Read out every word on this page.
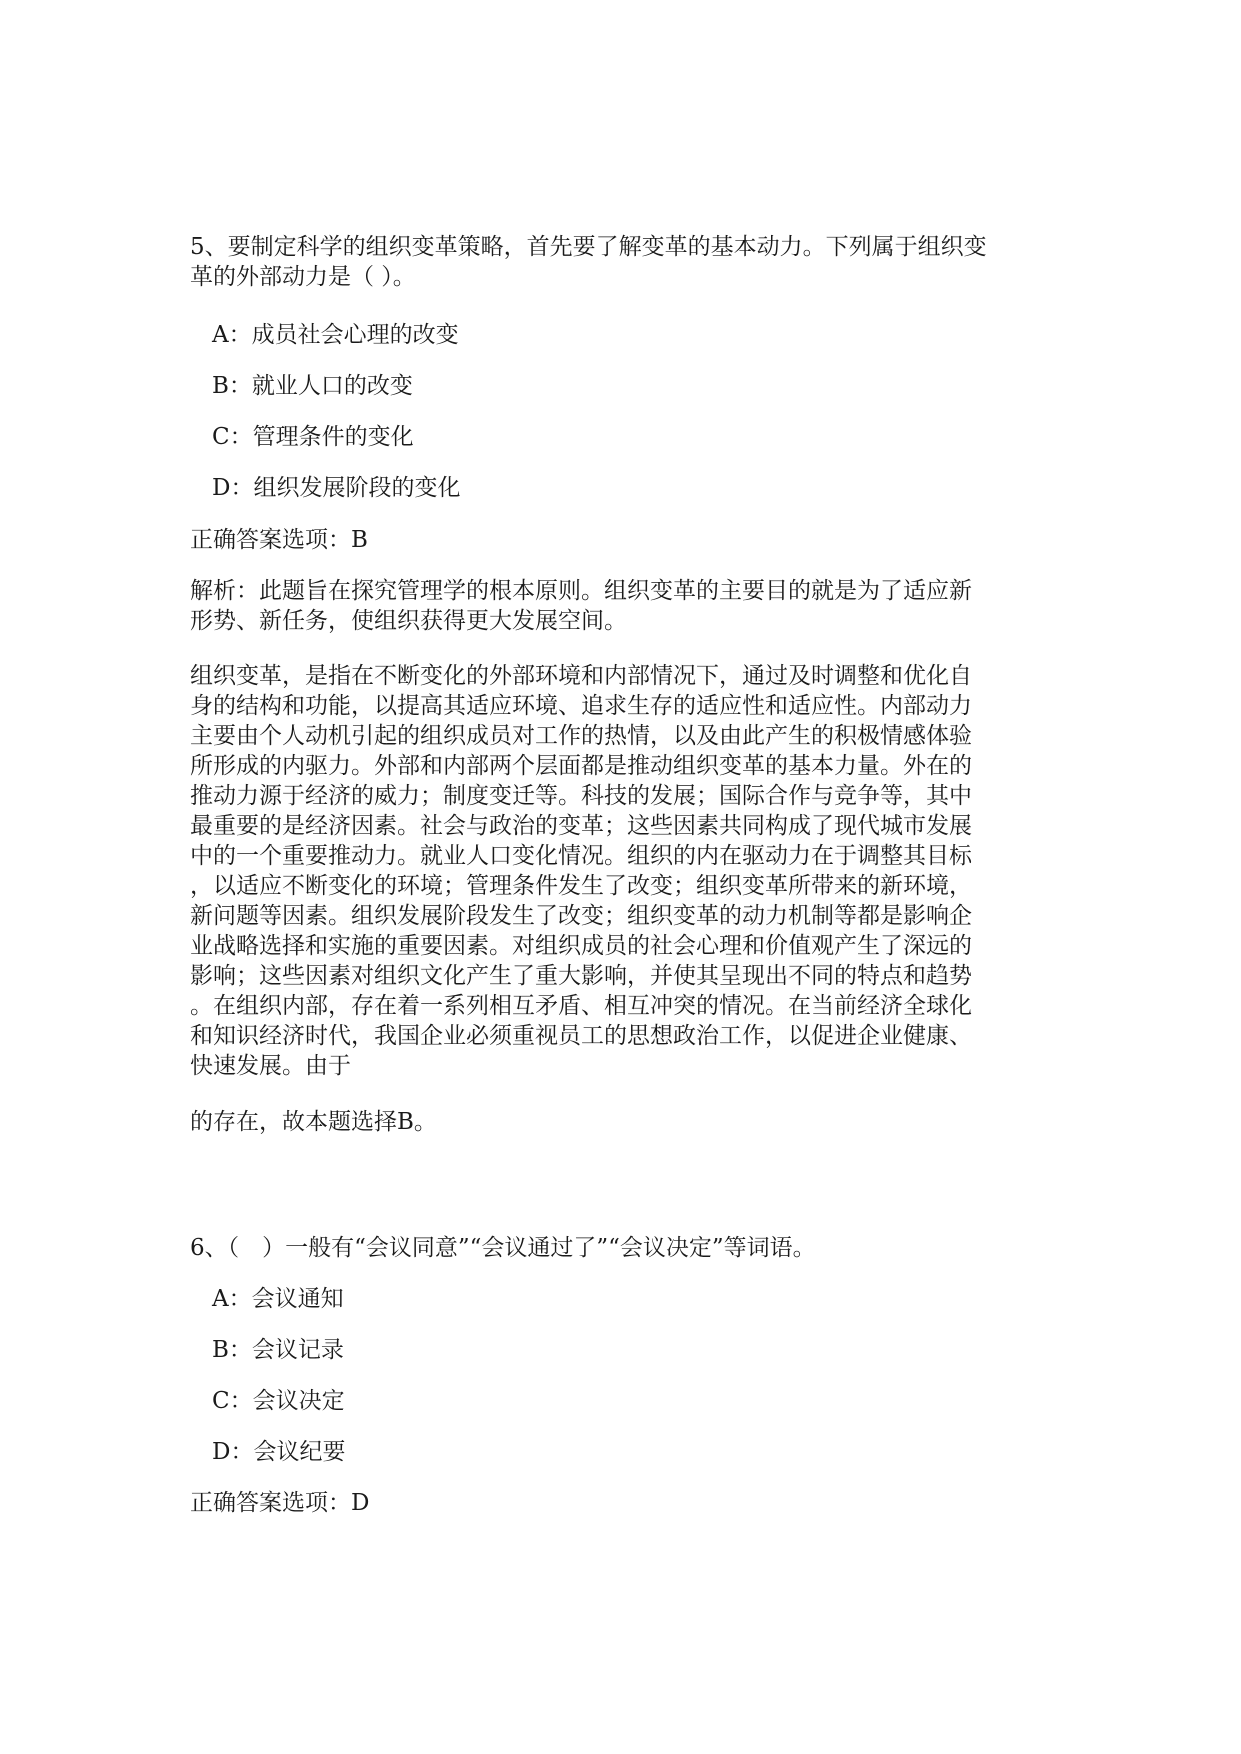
5、要制定科学的组织变革策略，首先要了解变革的基本动力。下列属于组织变
革的外部动力是（ ）。
A：成员社会心理的改变
B：就业人口的改变
C：管理条件的变化
D：组织发展阶段的变化
正确答案选项：B
解析：此题旨在探究管理学的根本原则。组织变革的主要目的就是为了适应新
形势、新任务，使组织获得更大发展空间。
组织变革，是指在不断变化的外部环境和内部情况下，通过及时调整和优化自
身的结构和功能，以提高其适应环境、追求生存的适应性和适应性。内部动力
主要由个人动机引起的组织成员对工作的热情，以及由此产生的积极情感体验
所形成的内驱力。外部和内部两个层面都是推动组织变革的基本力量。外在的
推动力源于经济的威力；制度变迁等。科技的发展；国际合作与竞争等，其中
最重要的是经济因素。社会与政治的变革；这些因素共同构成了现代城市发展
中的一个重要推动力。就业人口变化情况。组织的内在驱动力在于调整其目标
，以适应不断变化的环境；管理条件发生了改变；组织变革所带来的新环境，
新问题等因素。组织发展阶段发生了改变；组织变革的动力机制等都是影响企
业战略选择和实施的重要因素。对组织成员的社会心理和价值观产生了深远的
影响；这些因素对组织文化产生了重大影响，并使其呈现出不同的特点和趋势
。在组织内部，存在着一系列相互矛盾、相互冲突的情况。在当前经济全球化
和知识经济时代，我国企业必须重视员工的思想政治工作，以促进企业健康、
快速发展。由于
的存在，故本题选择B。
6、（　）一般有“会议同意”“会议通过了”“会议决定”等词语。
A：会议通知
B：会议记录
C：会议决定
D：会议纪要
正确答案选项：D
